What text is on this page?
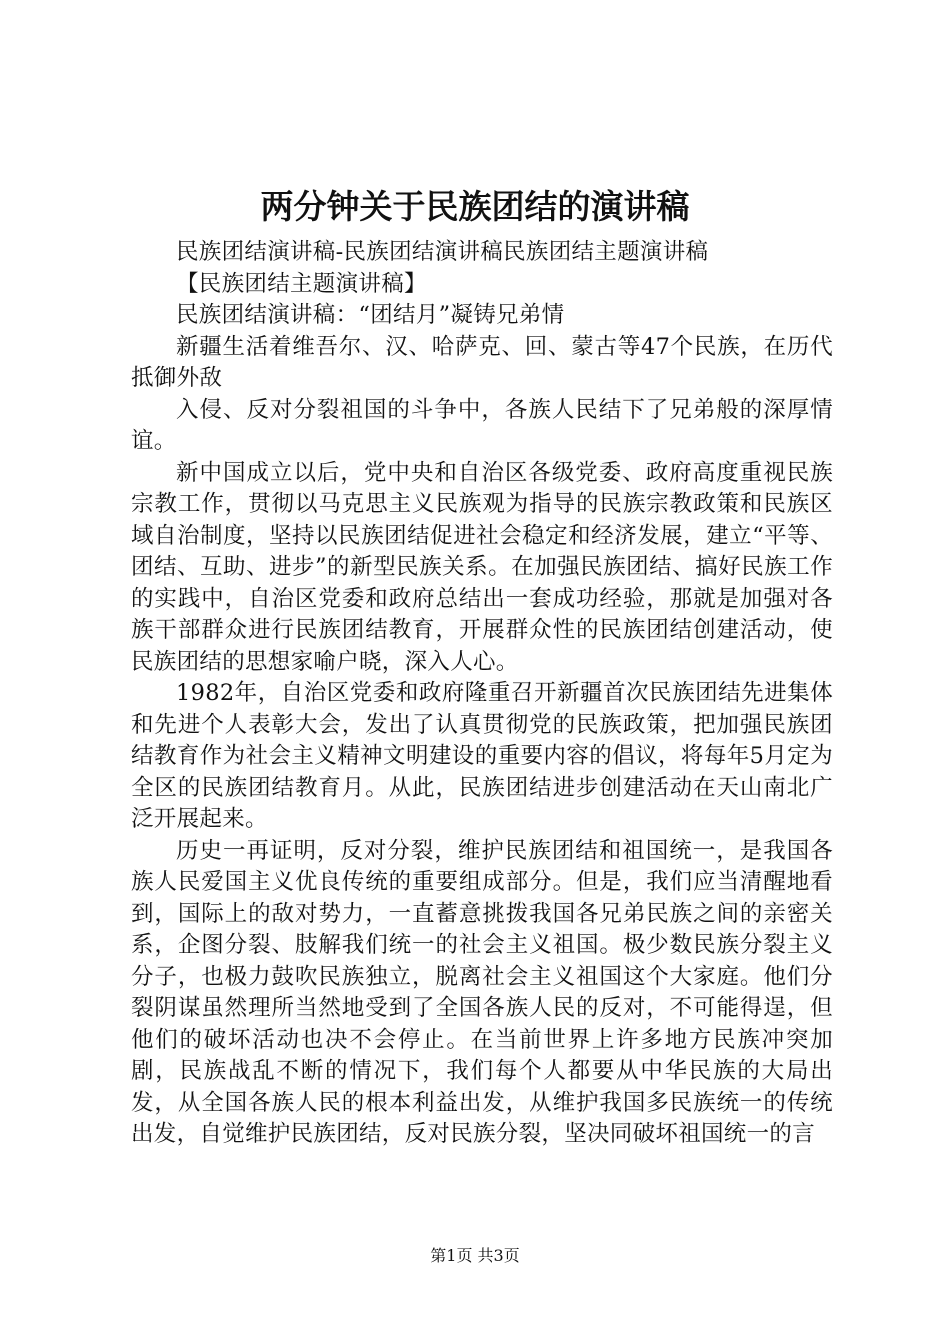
两分钟关于民族团结的演讲稿

民族团结演讲稿-民族团结演讲稿民族团结主题演讲稿

【民族团结主题演讲稿】

民族团结演讲稿：“团结月”凝铸兄弟情

新疆生活着维吾尔、汉、哈萨克、回、蒙古等47个民族，在历代抵御外敌

入侵、反对分裂祖国的斗争中，各族人民结下了兄弟般的深厚情谊。

新中国成立以后，党中央和自治区各级党委、政府高度重视民族宗教工作，贯彻以马克思主义民族观为指导的民族宗教政策和民族区域自治制度，坚持以民族团结促进社会稳定和经济发展，建立“平等、团结、互助、进步”的新型民族关系。在加强民族团结、搞好民族工作的实践中，自治区党委和政府总结出一套成功经验，那就是加强对各族干部群众进行民族团结教育，开展群众性的民族团结创建活动，使民族团结的思想家喻户晓，深入人心。

1982年，自治区党委和政府隆重召开新疆首次民族团结先进集体和先进个人表彰大会，发出了认真贯彻党的民族政策，把加强民族团结教育作为社会主义精神文明建设的重要内容的倡议，将每年5月定为全区的民族团结教育月。从此，民族团结进步创建活动在天山南北广泛开展起来。

历史一再证明，反对分裂，维护民族团结和祖国统一，是我国各族人民爱国主义优良传统的重要组成部分。但是，我们应当清醒地看到，国际上的敌对势力，一直蓄意挑拨我国各兄弟民族之间的亲密关系，企图分裂、肢解我们统一的社会主义祖国。极少数民族分裂主义分子，也极力鼓吹民族独立，脱离社会主义祖国这个大家庭。他们分裂阴谋虽然理所当然地受到了全国各族人民的反对，不可能得逞，但他们的破坏活动也决不会停止。在当前世界上许多地方民族冲突加剧，民族战乱不断的情况下，我们每个人都要从中华民族的大局出发，从全国各族人民的根本利益出发，从维护我国多民族统一的传统出发，自觉维护民族团结，反对民族分裂，坚决同破坏祖国统一的言

第1页 共3页
